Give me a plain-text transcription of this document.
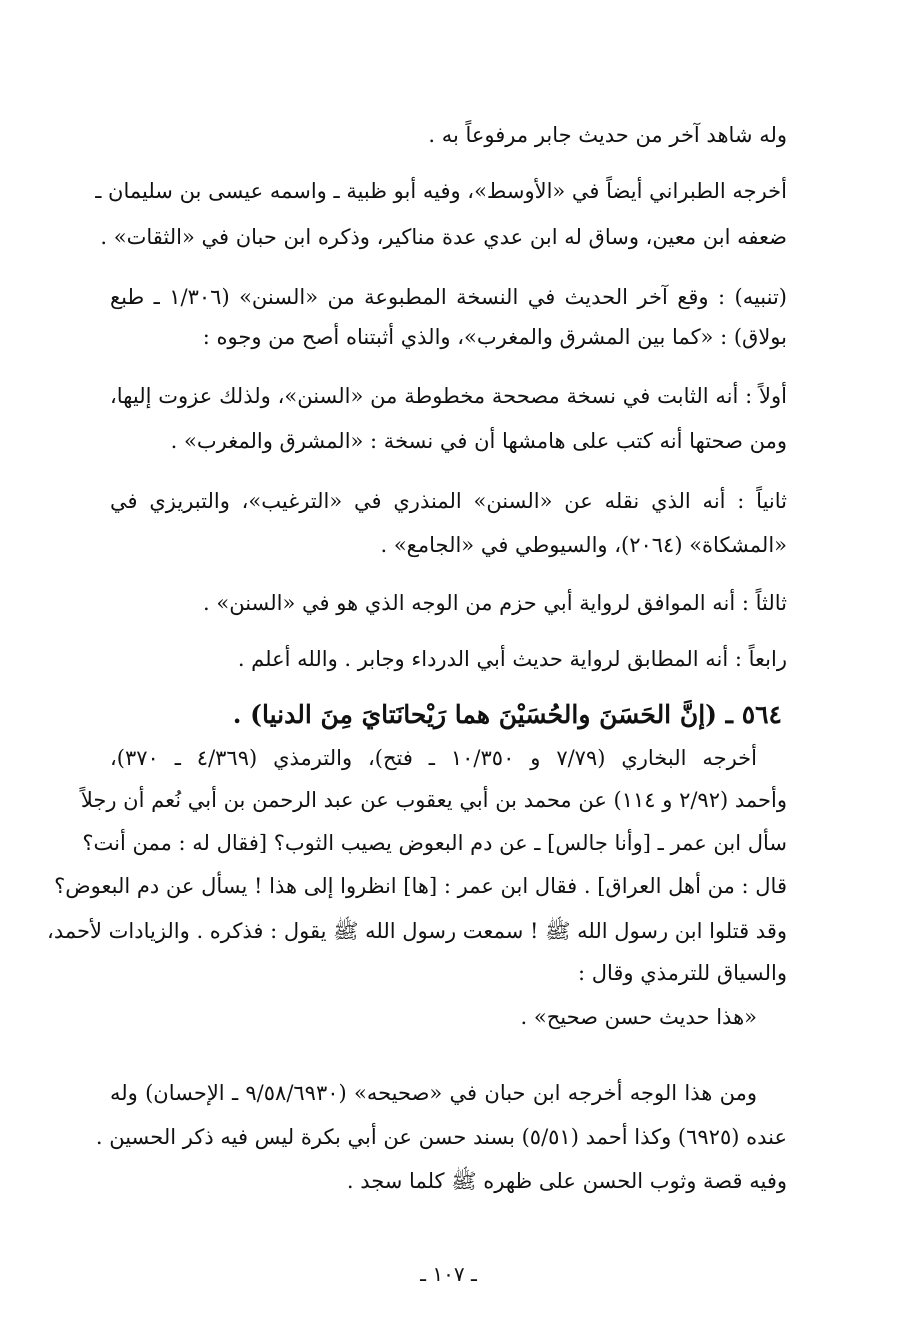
وله شاهد آخر من حديث جابر مرفوعاً به .
أخرجه الطبراني أيضاً في «الأوسط»، وفيه أبو ظبية ـ واسمه عيسى بن سليمان ـ
ضعفه ابن معين، وساق له ابن عدي عدة مناكير، وذكره ابن حبان في «الثقات» .
(تنبيه) : وقع آخر الحديث في النسخة المطبوعة من «السنن» (١/٣٠٦ ـ طبع
بولاق) : «كما بين المشرق والمغرب»، والذي أثبتناه أصح من وجوه :
أولاً : أنه الثابت في نسخة مصححة مخطوطة من «السنن»، ولذلك عزوت إليها،
ومن صحتها أنه كتب على هامشها أن في نسخة : «المشرق والمغرب» .
ثانياً : أنه الذي نقله عن «السنن» المنذري في «الترغيب»، والتبريزي في
«المشكاة» (٢٠٦٤)، والسيوطي في «الجامع» .
ثالثاً : أنه الموافق لرواية أبي حزم من الوجه الذي هو في «السنن» .
رابعاً : أنه المطابق لرواية حديث أبي الدرداء وجابر . والله أعلم .
٥٦٤ ـ (إنَّ الحَسَنَ والحُسَيْنَ هما رَيْحانَتايَ مِنَ الدنيا) .
أخرجه البخاري (٧/٧٩ و ١٠/٣٥٠ ـ فتح)، والترمذي (٤/٣٦٩ ـ ٣٧٠)،
وأحمد (٢/٩٢ و ١١٤) عن محمد بن أبي يعقوب عن عبد الرحمن بن أبي نُعم أن رجلاً
سأل ابن عمر ـ [وأنا جالس] ـ عن دم البعوض يصيب الثوب؟ [فقال له : ممن أنت؟
قال : من أهل العراق] . فقال ابن عمر : [ها] انظروا إلى هذا ! يسأل عن دم البعوض؟
وقد قتلوا ابن رسول الله ﷺ ! سمعت رسول الله ﷺ يقول : فذكره . والزيادات لأحمد،
والسياق للترمذي وقال :
«هذا حديث حسن صحيح» .
ومن هذا الوجه أخرجه ابن حبان في «صحيحه» (٩/٥٨/٦٩٣٠ ـ الإحسان) وله
عنده (٦٩٢٥) وكذا أحمد (٥/٥١) بسند حسن عن أبي بكرة ليس فيه ذكر الحسين .
وفيه قصة وثوب الحسن على ظهره ﷺ كلما سجد .
ـ ١٠٧ ـ
